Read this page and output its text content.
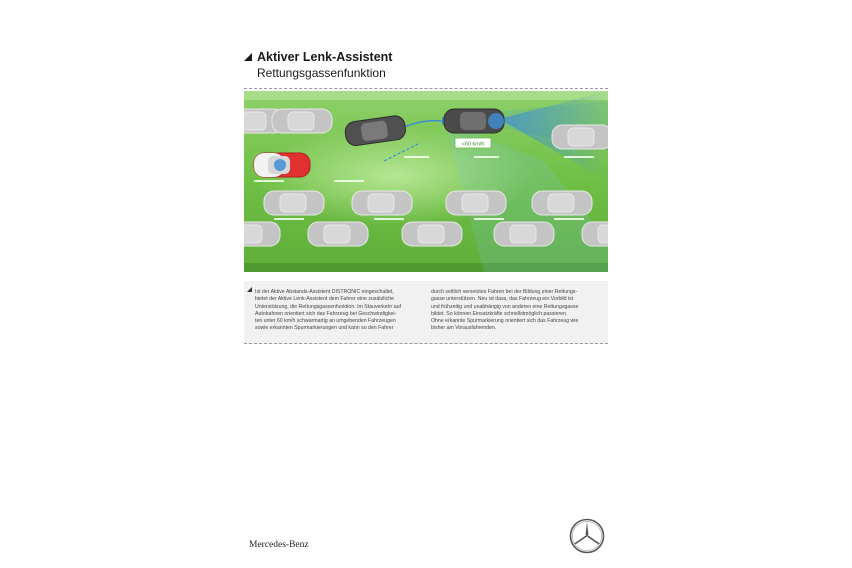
Aktiver Lenk-Assistent
Rettungsgassenfunktion
<60 km/h
Ist der Aktive Abstands-Assistent DISTRONIC eingeschaltet,
bietet der Aktive Lenk-Assistent dem Fahrer eine zusätzliche
Unterstützung, die Rettungsgassenfunktion. Im Stauverkehr auf
Autobahnen orientiert sich das Fahrzeug bei Geschwindigkei-
ten unter 60 km/h schwarmartig an umgebenden Fahrzeugen
sowie erkannten Spurmarkierungen und kann so den Fahrer
durch seitlich versetztes Fahren bei der Bildung einer Rettungs-
gasse unterstützen. Neu ist dass, das Fahrzeug ein Vorbild ist
und frühzeitig und unabhängig von anderen eine Rettungsgasse
bildet. So können Einsatzkräfte schnellstmöglich passieren.
Ohne erkannte Spurmarkierung orientiert sich das Fahrzeug wie
bisher am Vorausfahrenden.
Mercedes-Benz
